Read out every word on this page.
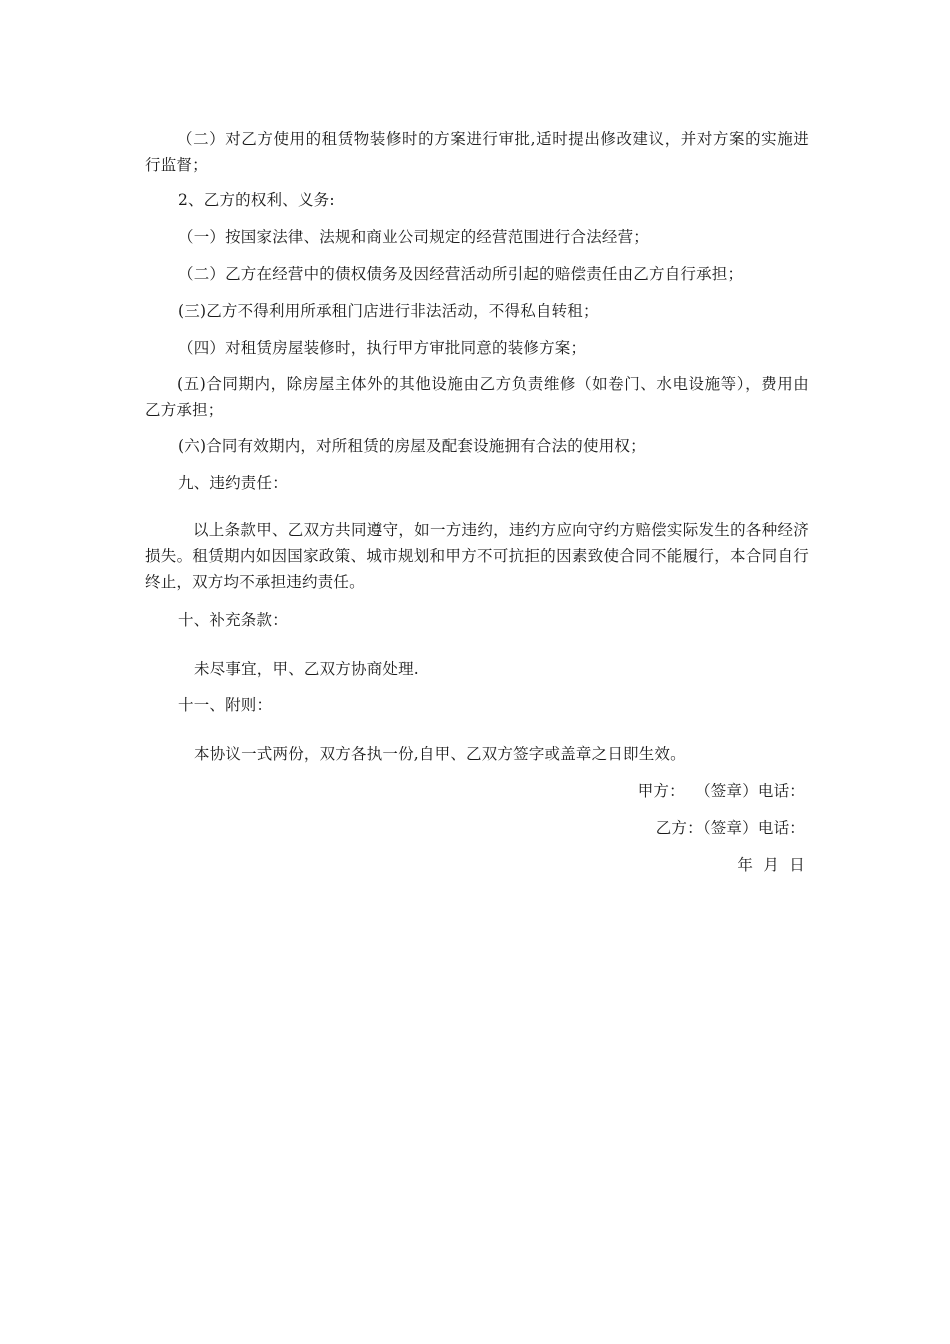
（二）对乙方使用的租赁物装修时的方案进行审批,适时提出修改建议，并对方案的实施进行监督；
2、乙方的权利、义务:
（一）按国家法律、法规和商业公司规定的经营范围进行合法经营；
（二）乙方在经营中的债权债务及因经营活动所引起的赔偿责任由乙方自行承担；
(三)乙方不得利用所承租门店进行非法活动，不得私自转租；
（四）对租赁房屋装修时，执行甲方审批同意的装修方案；
(五)合同期内，除房屋主体外的其他设施由乙方负责维修（如卷门、水电设施等），费用由乙方承担；
(六)合同有效期内，对所租赁的房屋及配套设施拥有合法的使用权；
九、违约责任：
以上条款甲、乙双方共同遵守，如一方违约，违约方应向守约方赔偿实际发生的各种经济损失。租赁期内如因国家政策、城市规划和甲方不可抗拒的因素致使合同不能履行，本合同自行终止，双方均不承担违约责任。
十、补充条款：
未尽事宜，甲、乙双方协商处理.
十一、附则：
本协议一式两份，双方各执一份,自甲、乙双方签字或盖章之日即生效。
甲方：  （签章）电话：
乙方：（签章）电话：
年  月  日
